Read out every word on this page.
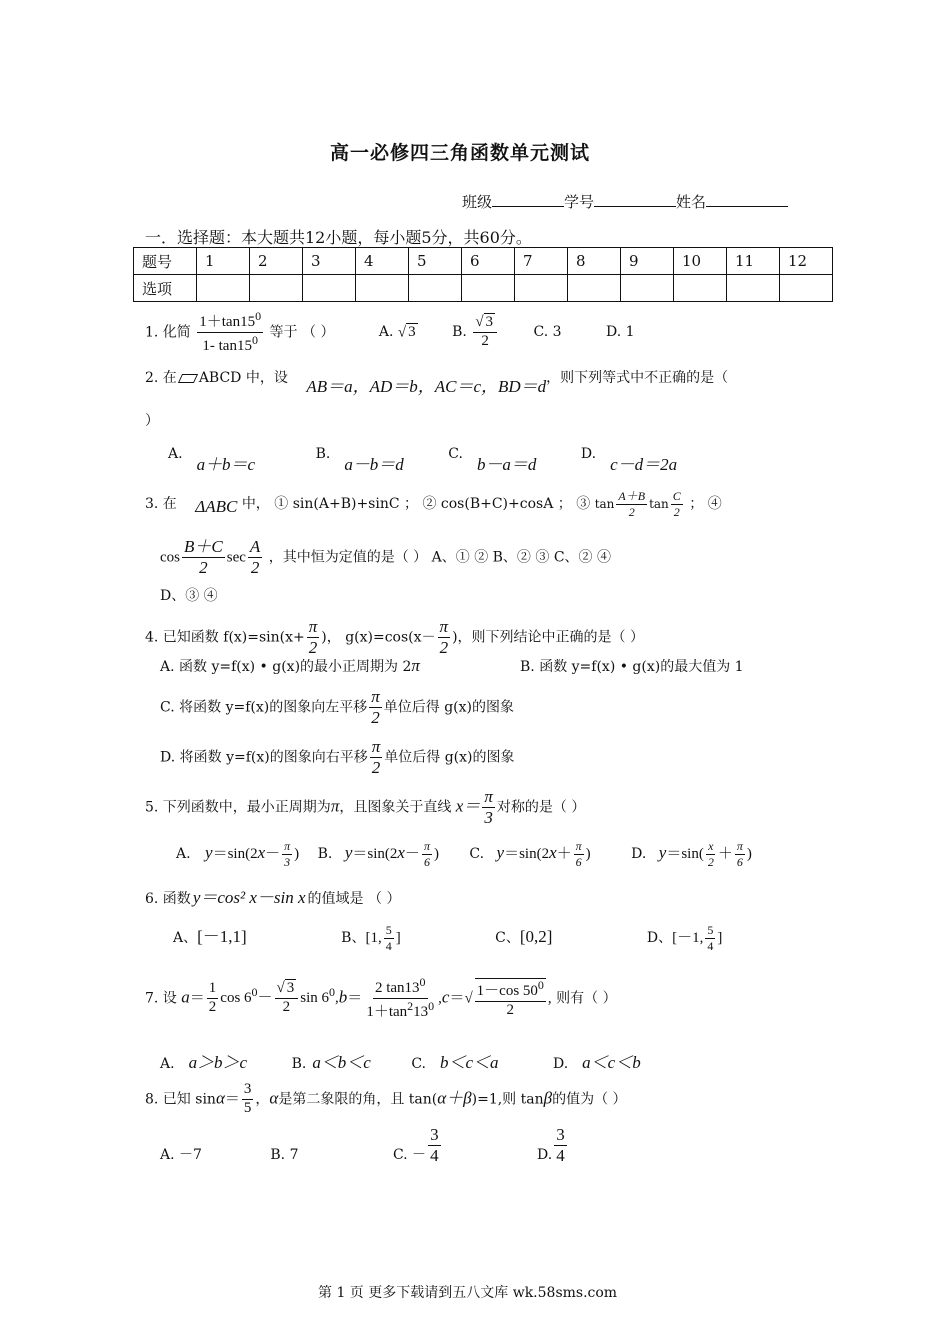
高一必修四三角函数单元测试
班级	学号	姓名
一．选择题：本大题共12小题，每小题5分，共60分。
题号	1	2	3	4	5	6	7	8	9	10	11	12
选项												
1. 化简 $\frac{1+\tan 15^0}{1- \tan 15^0}$ 等于 （ ）	A. √ 3	B. $\frac{√ 3}{2}$	C. 3	D. 1
2. 在 ABCD 中，设 AB＝a，AD＝b，AC＝c，BD＝d，则下列等式中不正确的是（
）
A.a＋b＝c B.a－b＝d C.b－a＝d D.c－d＝2a
3. 在 ΔABC 中， ① sin(A+B)+sinC ； ② cos(B+C)+cosA ； ③ $\tan \frac{A+B}{2}$ $\tan \frac{C}{2}$ ； ④
$\cos \frac{B+C}{2}$ $\sec \frac{A}{2}$ ，其中恒为定值的是（ ） A、① ② B、② ③ C、② ④
D、③ ④
4. 已知函数 $f(x)=\sin(x+ \frac{\pi}{2}$ )， $g(x)=\cos(x- \frac{\pi}{2}$ )，则下列结论中正确的是（ ）
A. 函数 y=f(x) • g(x)的最小正周期为 2π	B. 函数 y=f(x) • g(x)的最大值为 1
C. 将函数 y=f(x)的图象向左平移 $\frac{\pi}{2}$ 单位后得 g(x)的图象
D. 将函数 y=f(x)的图象向右平移 $\frac{\pi}{2}$ 单位后得 g(x)的图象
5. 下列函数中，最小正周期为π，且图象关于直线 $x= \frac{\pi}{3}$ 对称的是（ ）
A. $y=\sin(2x- \frac{\pi}{3}$ ) B. $y=\sin(2x- \frac{\pi}{6}$ ) C. $y=\sin(2x+ \frac{\pi}{6}$ )	D. $y=\sin( \frac{x}{2} + \frac{\pi}{6}$ )
6. 函数 y＝cos² x－sin x 的值域是 （ ）
A、[－1,1]	B、[1, $\frac{5}{4}$ ]	C、[0,2]	D、[－1, $\frac{5}{4}$ ]
7. 设 $a= \frac{1}{2}$ $\cos 6^0- \frac{√ 3}{2}$ $\sin 6^0,b= \frac{2 \tan 13^0}{1+\tan^213^0} ,c=√ \frac{1-\cos 50^0}{2}$ , 则有（ ）
A. a＞b＞c	B. a＜b＜c	C. b＜c＜a	D. a＜c＜b
8. 已知 $\sin\alpha= \frac{3}{5}$ ，α是第二象限的角，且 tan(α＋β)=1,则 tanβ的值为（ ）
A. －7	B. 7	C. － $\frac{3}{4}$	D. $\frac{3}{4}$
第 1 页 更多下载请到五八文库 wk.58sms.com
